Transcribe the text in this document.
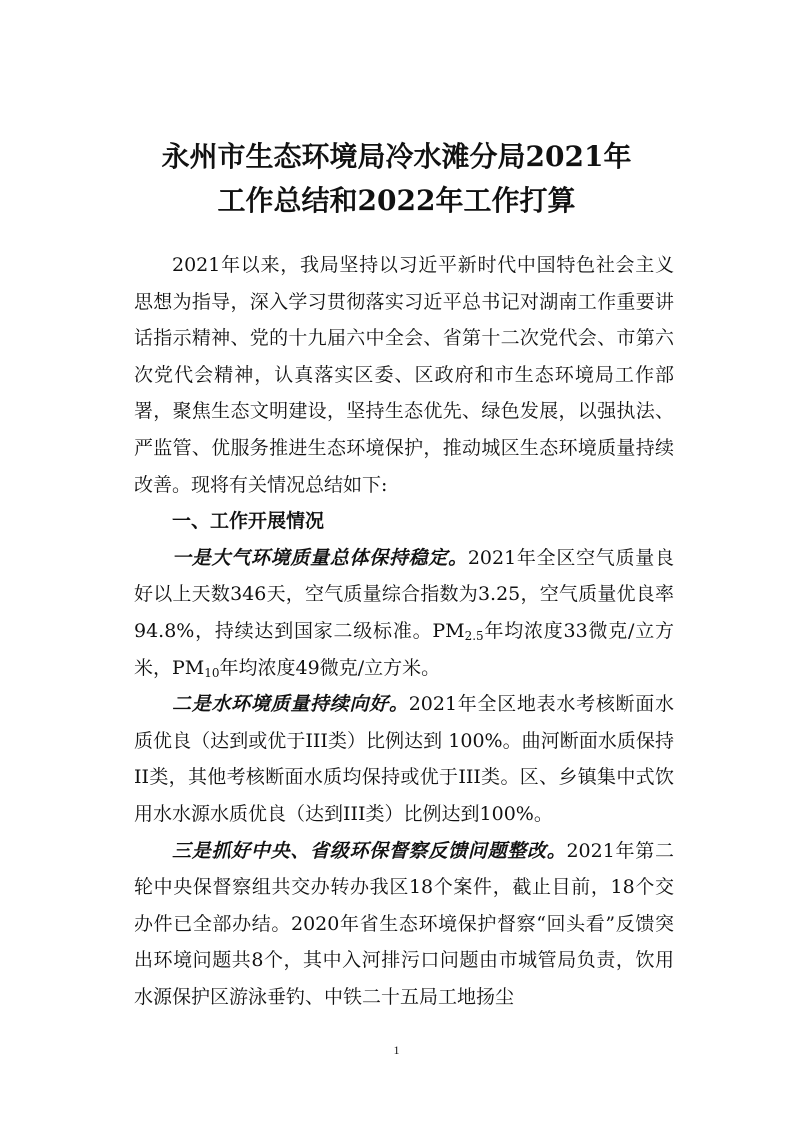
永州市生态环境局冷水滩分局2021年
工作总结和2022年工作打算

2021年以来，我局坚持以习近平新时代中国特色社会主义思想为指导，深入学习贯彻落实习近平总书记对湖南工作重要讲话指示精神、党的十九届六中全会、省第十二次党代会、市第六次党代会精神，认真落实区委、区政府和市生态环境局工作部署，聚焦生态文明建设，坚持生态优先、绿色发展，以强执法、严监管、优服务推进生态环境保护，推动城区生态环境质量持续改善。现将有关情况总结如下:

一、工作开展情况

一是大气环境质量总体保持稳定。2021年全区空气质量良好以上天数346天，空气质量综合指数为3.25，空气质量优良率94.8%，持续达到国家二级标准。$PM_{2.5}$年均浓度33微克/立方米，$PM_{10}$年均浓度49微克/立方米。

二是水环境质量持续向好。2021年全区地表水考核断面水质优良（达到或优于III类）比例达到 100%。曲河断面水质保持II类，其他考核断面水质均保持或优于III类。区、乡镇集中式饮用水水源水质优良（达到III类）比例达到100%。

三是抓好中央、省级环保督察反馈问题整改。2021年第二轮中央保督察组共交办转办我区18个案件，截止目前，18个交办件已全部办结。2020年省生态环境保护督察“回头看”反馈突出环境问题共8个，其中入河排污口问题由市城管局负责，饮用水源保护区游泳垂钓、中铁二十五局工地扬尘

1
